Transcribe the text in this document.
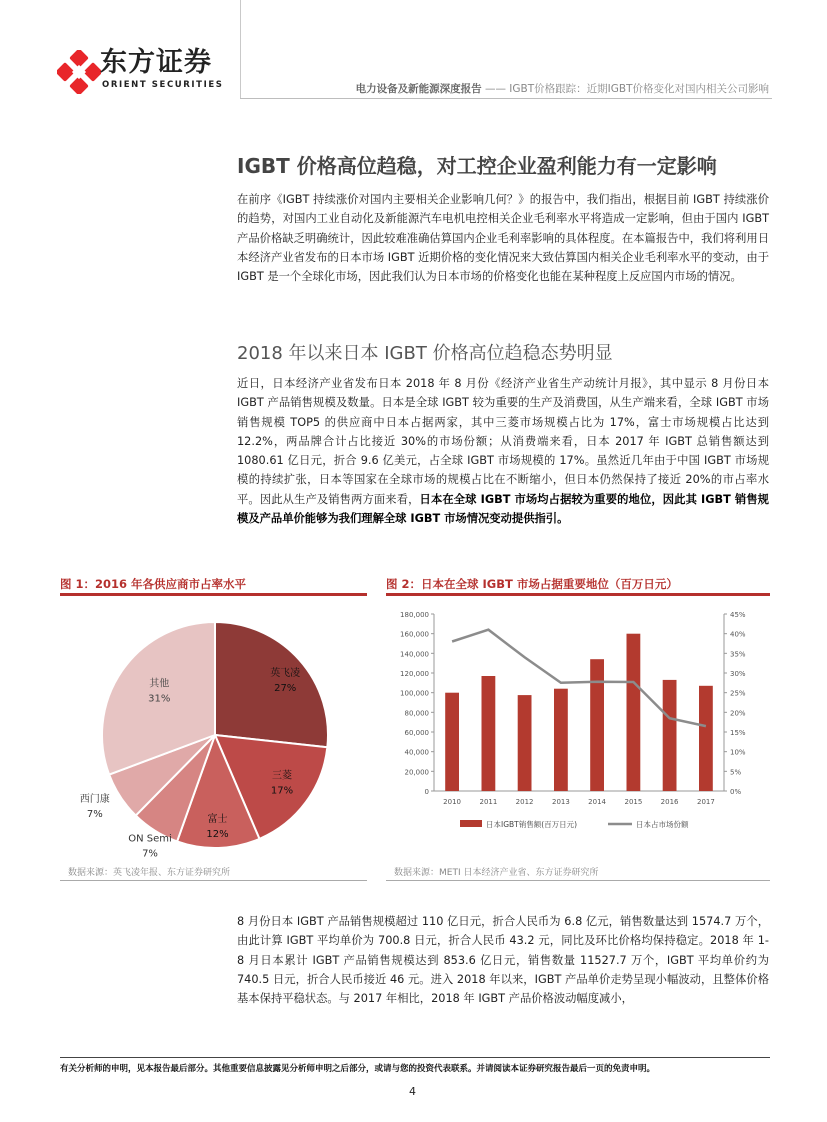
东方证券
ORIENT SECURITIES	电力设备及新能源深度报告 —— IGBT价格跟踪：近期IGBT价格变化对国内相关公司影响
IGBT 价格高位趋稳，对工控企业盈利能力有一定影响
在前序《IGBT 持续涨价对国内主要相关企业影响几何？》的报告中，我们指出，根据目前 IGBT 持续涨价的趋势，对国内工业自动化及新能源汽车电机电控相关企业毛利率水平将造成一定影响，但由于国内 IGBT 产品价格缺乏明确统计，因此较难准确估算国内企业毛利率影响的具体程度。在本篇报告中，我们将利用日本经济产业省发布的日本市场 IGBT 近期价格的变化情况来大致估算国内相关企业毛利率水平的变动，由于 IGBT 是一个全球化市场，因此我们认为日本市场的价格变化也能在某种程度上反应国内市场的情况。
2018 年以来日本 IGBT 价格高位趋稳态势明显
近日，日本经济产业省发布日本 2018 年 8 月份《经济产业省生产动统计月报》，其中显示 8 月份日本 IGBT 产品销售规模及数量。日本是全球 IGBT 较为重要的生产及消费国，从生产端来看，全球 IGBT 市场销售规模 TOP5 的供应商中日本占据两家，其中三菱市场规模占比为 17%，富士市场规模占比达到 12.2%，两品牌合计占比接近 30%的市场份额；从消费端来看，日本 2017 年 IGBT 总销售额达到 1080.61 亿日元，折合 9.6 亿美元，占全球 IGBT 市场规模的 17%。虽然近几年由于中国 IGBT 市场规模的持续扩张，日本等国家在全球市场的规模占比在不断缩小，但日本仍然保持了接近 20%的市占率水平。因此从生产及销售两方面来看，日本在全球 IGBT 市场均占据较为重要的地位，因此其 IGBT 销售规模及产品单价能够为我们理解全球 IGBT 市场情况变动提供指引。
图 1：2016 年各供应商市占率水平
英飞凌
27%
三菱
17%
富士
12%
ON Semi
7%
西门康
7%
其他
31%
数据来源：英飞凌年报、东方证券研究所
图 2：日本在全球 IGBT 市场占据重要地位（百万日元）
0
20,000
40,000
60,000
80,000
100,000
120,000
140,000
160,000
180,000
0%
5%
10%
15%
20%
25%
30%
35%
40%
45%
2010	2011	2012	2013	2014	2015	2016	2017
日本IGBT销售额(百万日元)	日本占市场份额
数据来源：METI 日本经济产业省、东方证券研究所
8 月份日本 IGBT 产品销售规模超过 110 亿日元，折合人民币为 6.8 亿元，销售数量达到 1574.7 万个，由此计算 IGBT 平均单价为 700.8 日元，折合人民币 43.2 元，同比及环比价格均保持稳定。2018 年 1-8 月日本累计 IGBT 产品销售规模达到 853.6 亿日元，销售数量 11527.7 万个，IGBT 平均单价约为 740.5 日元，折合人民币接近 46 元。进入 2018 年以来，IGBT 产品单价走势呈现小幅波动，且整体价格基本保持平稳状态。与 2017 年相比，2018 年 IGBT 产品价格波动幅度减小，
有关分析师的申明，见本报告最后部分。其他重要信息披露见分析师申明之后部分，或请与您的投资代表联系。并请阅读本证券研究报告最后一页的免责申明。
4
